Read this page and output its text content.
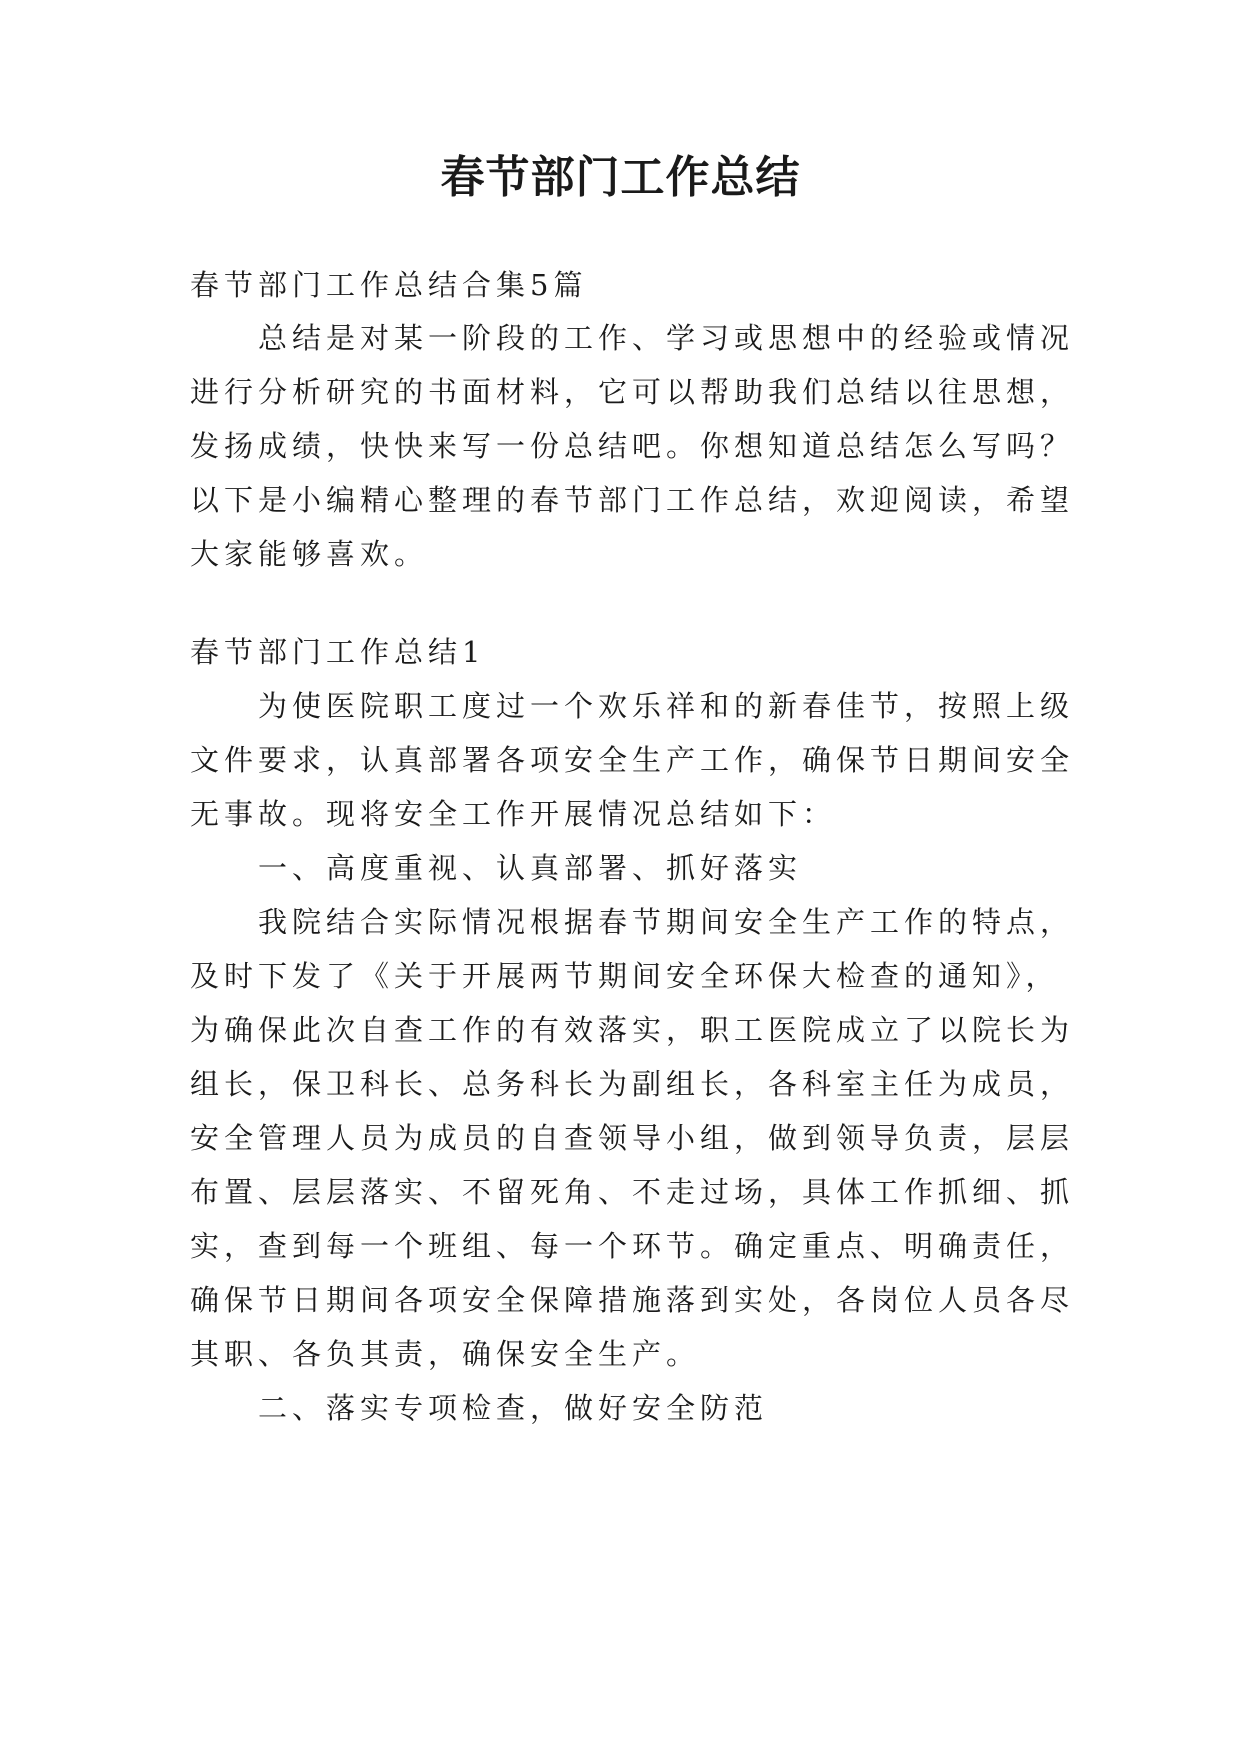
春节部门工作总结
春节部门工作总结合集5篇
总结是对某一阶段的工作、学习或思想中的经验或情况
进行分析研究的书面材料，它可以帮助我们总结以往思想，
发扬成绩，快快来写一份总结吧。你想知道总结怎么写吗？
以下是小编精心整理的春节部门工作总结，欢迎阅读，希望
大家能够喜欢。
春节部门工作总结1
为使医院职工度过一个欢乐祥和的新春佳节，按照上级
文件要求，认真部署各项安全生产工作，确保节日期间安全
无事故。现将安全工作开展情况总结如下：
一、高度重视、认真部署、抓好落实
我院结合实际情况根据春节期间安全生产工作的特点，
及时下发了《关于开展两节期间安全环保大检查的通知》，
为确保此次自查工作的有效落实，职工医院成立了以院长为
组长，保卫科长、总务科长为副组长，各科室主任为成员，
安全管理人员为成员的自查领导小组，做到领导负责，层层
布置、层层落实、不留死角、不走过场，具体工作抓细、抓
实，查到每一个班组、每一个环节。确定重点、明确责任，
确保节日期间各项安全保障措施落到实处，各岗位人员各尽
其职、各负其责，确保安全生产。
二、落实专项检查，做好安全防范
